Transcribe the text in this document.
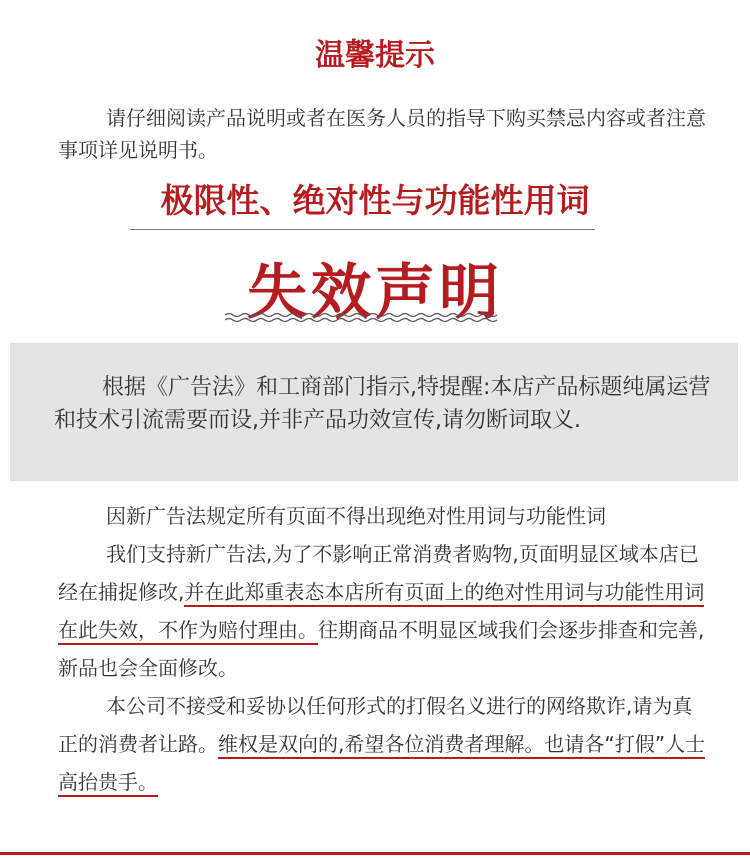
温馨提示
请仔细阅读产品说明或者在医务人员的指导下购买禁忌内容或者注意事项详见说明书。
极限性、绝对性与功能性用词
失效声明
根据《广告法》和工商部门指示,特提醒:本店产品标题纯属运营和技术引流需要而设,并非产品功效宣传,请勿断词取义.
因新广告法规定所有页面不得出现绝对性用词与功能性词
我们支持新广告法,为了不影响正常消费者购物,页面明显区域本店已经在捕捉修改,并在此郑重表态本店所有页面上的绝对性用词与功能性用词在此失效，不作为赔付理由。往期商品不明显区域我们会逐步排查和完善,新品也会全面修改。
本公司不接受和妥协以任何形式的打假名义进行的网络欺诈,请为真正的消费者让路。维权是双向的,希望各位消费者理解。也请各“打假”人士高抬贵手。
